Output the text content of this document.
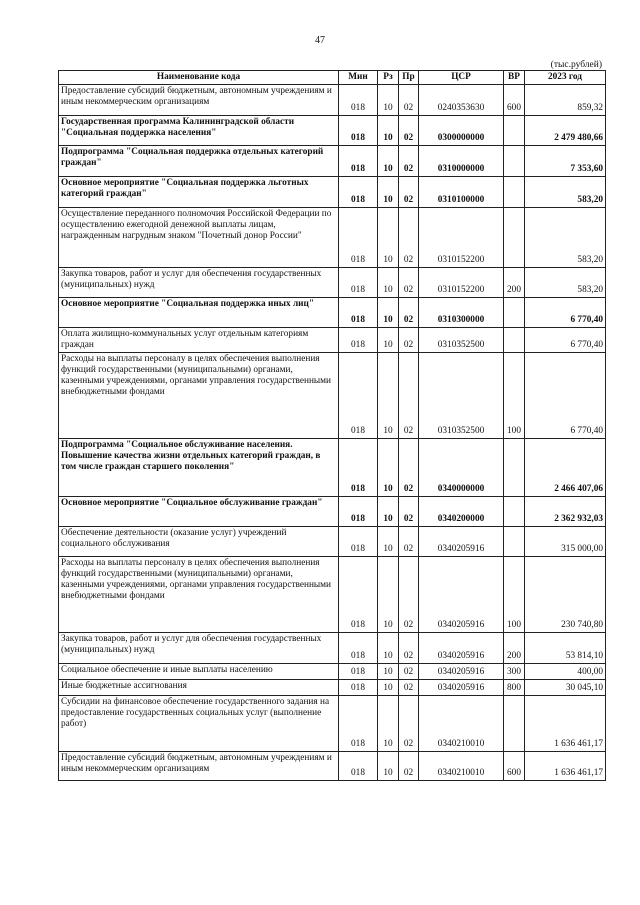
47
(тыс.рублей)
Наименование кода	Мин	Рз	Пр	ЦСР	ВР	2023 год
Предоставление субсидий бюджетным, автономным учреждениям и иным некоммерческим организациям	018	10	02	0240353630	600	859,32
Государственная программа Калининградской области "Социальная поддержка населения"	018	10	02	0300000000		2 479 480,66
Подпрограмма "Социальная поддержка отдельных категорий граждан"	018	10	02	0310000000		7 353,60
Основное мероприятие "Социальная поддержка льготных категорий граждан"	018	10	02	0310100000		583,20
Осуществление переданного полномочия Российской Федерации по осуществлению ежегодной денежной выплаты лицам, награжденным нагрудным знаком "Почетный донор России"	018	10	02	0310152200		583,20
Закупка товаров, работ и услуг для обеспечения государственных (муниципальных) нужд	018	10	02	0310152200	200	583,20
Основное мероприятие "Социальная поддержка иных лиц"	018	10	02	0310300000		6 770,40
Оплата жилищно-коммунальных услуг отдельным категориям граждан	018	10	02	0310352500		6 770,40
Расходы на выплаты персоналу в целях обеспечения выполнения функций государственными (муниципальными) органами, казенными учреждениями, органами управления государственными внебюджетными фондами	018	10	02	0310352500	100	6 770,40
Подпрограмма "Социальное обслуживание населения. Повышение качества жизни отдельных категорий граждан, в том числе граждан старшего поколения"	018	10	02	0340000000		2 466 407,06
Основное мероприятие "Социальное обслуживание граждан"	018	10	02	0340200000		2 362 932,03
Обеспечение деятельности (оказание услуг) учреждений социального обслуживания	018	10	02	0340205916		315 000,00
Расходы на выплаты персоналу в целях обеспечения выполнения функций государственными (муниципальными) органами, казенными учреждениями, органами управления государственными внебюджетными фондами	018	10	02	0340205916	100	230 740,80
Закупка товаров, работ и услуг для обеспечения государственных (муниципальных) нужд	018	10	02	0340205916	200	53 814,10
Социальное обеспечение и иные выплаты населению	018	10	02	0340205916	300	400,00
Иные бюджетные ассигнования	018	10	02	0340205916	800	30 045,10
Субсидии на финансовое обеспечение государственного задания на предоставление государственных социальных услуг (выполнение работ)	018	10	02	0340210010		1 636 461,17
Предоставление субсидий бюджетным, автономным учреждениям и иным некоммерческим организациям	018	10	02	0340210010	600	1 636 461,17
